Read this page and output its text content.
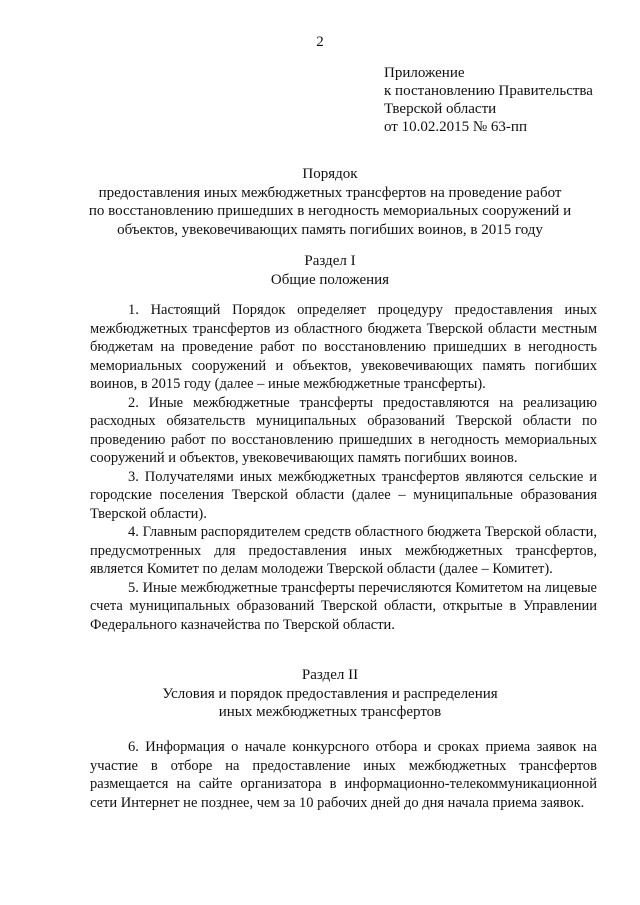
2
Приложение
к постановлению Правительства
Тверской области
от 10.02.2015 № 63-пп
Порядок
предоставления иных межбюджетных трансфертов на проведение работ
по восстановлению пришедших в негодность мемориальных сооружений и
объектов, увековечивающих память погибших воинов, в 2015 году
Раздел I
Общие положения

1. Настоящий Порядок определяет процедуру предоставления иных межбюджетных трансфертов из областного бюджета Тверской области местным бюджетам на проведение работ по восстановлению пришедших в негодность мемориальных сооружений и объектов, увековечивающих память погибших воинов, в 2015 году (далее – иные межбюджетные трансферты).

2. Иные межбюджетные трансферты предоставляются на реализацию расходных обязательств муниципальных образований Тверской области по проведению работ по восстановлению пришедших в негодность мемориальных сооружений и объектов, увековечивающих память погибших воинов.

3. Получателями иных межбюджетных трансфертов являются сельские и городские поселения Тверской области (далее – муниципальные образования Тверской области).

4. Главным распорядителем средств областного бюджета Тверской области, предусмотренных для предоставления иных межбюджетных трансфертов, является Комитет по делам молодежи Тверской области (далее – Комитет).

5. Иные межбюджетные трансферты перечисляются Комитетом на лицевые счета муниципальных образований Тверской области, открытые в Управлении Федерального казначейства по Тверской области.

Раздел II
Условия и порядок предоставления и распределения
иных межбюджетных трансфертов

6. Информация о начале конкурсного отбора и сроках приема заявок на участие в отборе на предоставление иных межбюджетных трансфертов размещается на сайте организатора в информационно-телекоммуникационной сети Интернет не позднее, чем за 10 рабочих дней до дня начала приема заявок.
